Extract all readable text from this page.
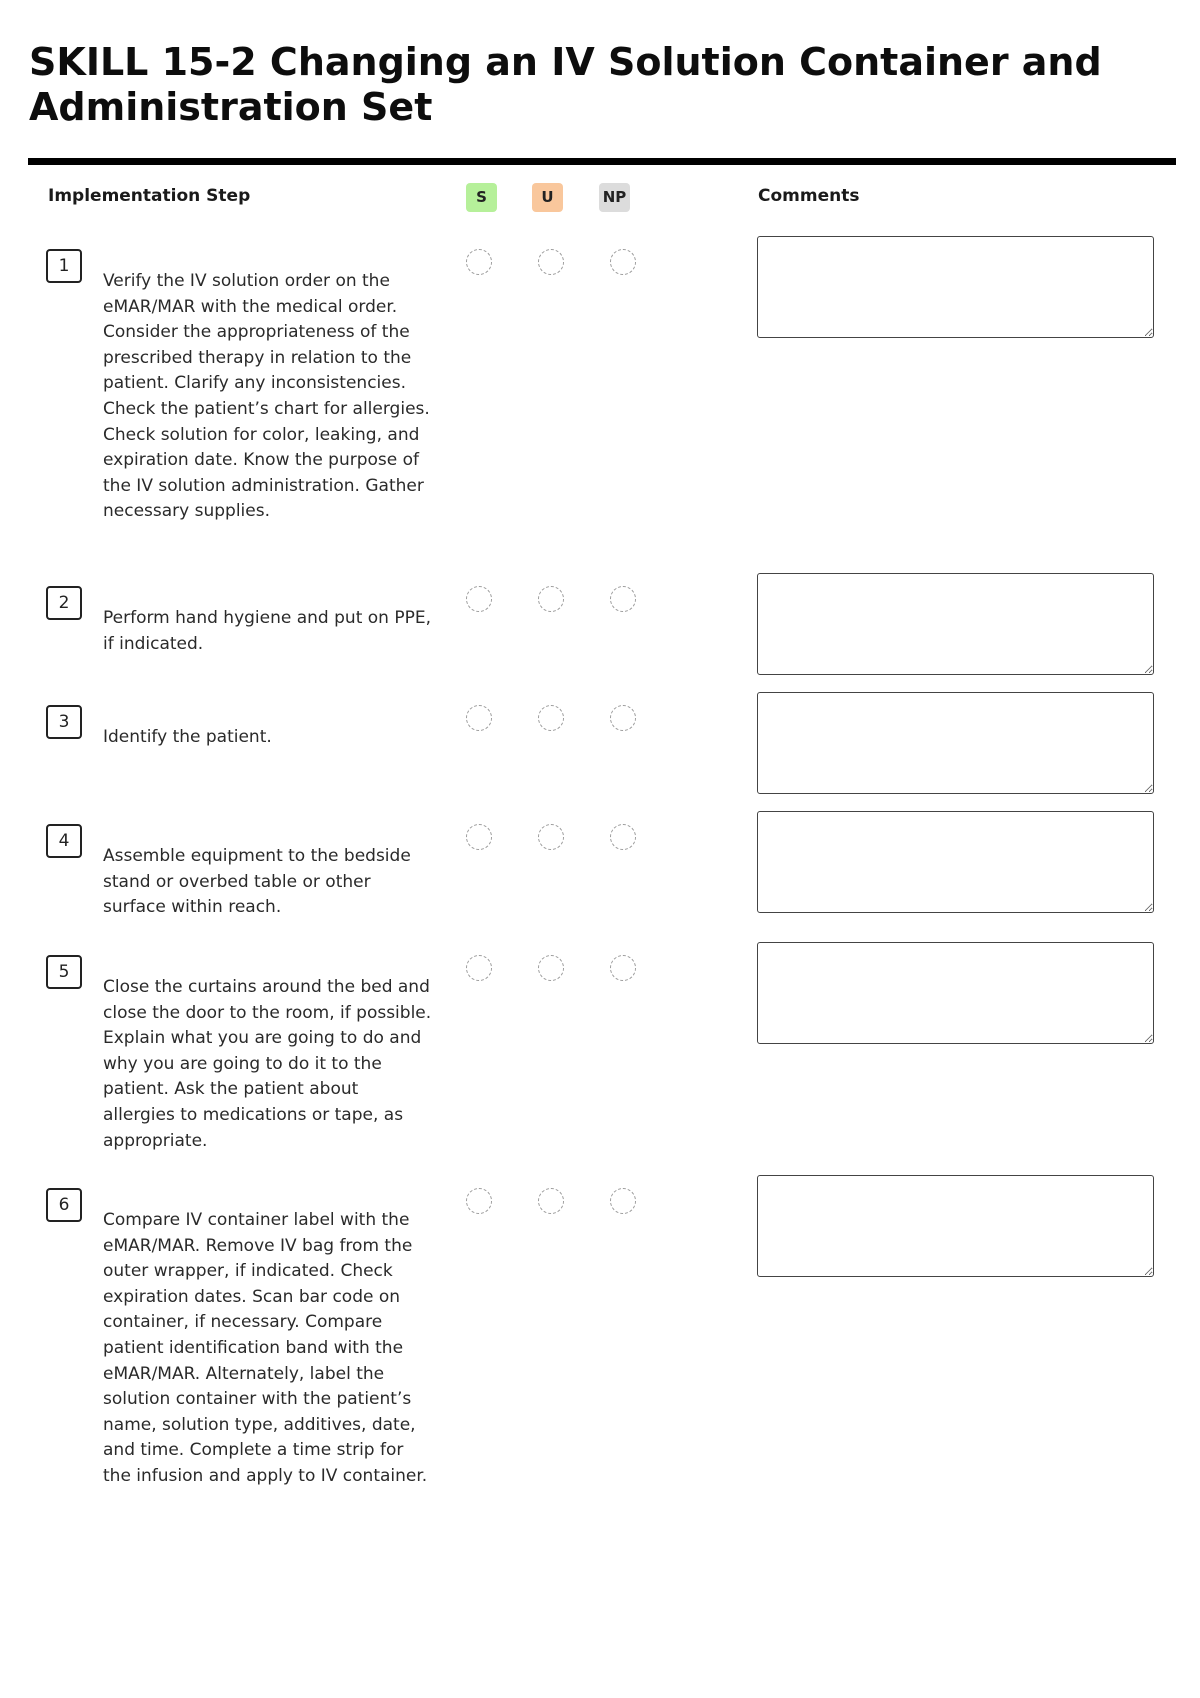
SKILL 15-2 Changing an IV Solution Container and Administration Set
Implementation Step	S	U	NP	Comments
1
Verify the IV solution order on the eMAR/MAR with the medical order. Consider the appropriateness of the prescribed therapy in relation to the patient. Clarify any inconsistencies. Check the patient’s chart for allergies. Check solution for color, leaking, and expiration date. Know the purpose of the IV solution administration. Gather necessary supplies.
2
Perform hand hygiene and put on PPE, if indicated.
3
Identify the patient.
4
Assemble equipment to the bedside stand or overbed table or other surface within reach.
5
Close the curtains around the bed and close the door to the room, if possible. Explain what you are going to do and why you are going to do it to the patient. Ask the patient about allergies to medications or tape, as appropriate.
6
Compare IV container label with the eMAR/MAR. Remove IV bag from the outer wrapper, if indicated. Check expiration dates. Scan bar code on container, if necessary. Compare patient identification band with the eMAR/MAR. Alternately, label the solution container with the patient’s name, solution type, additives, date, and time. Complete a time strip for the infusion and apply to IV container.
